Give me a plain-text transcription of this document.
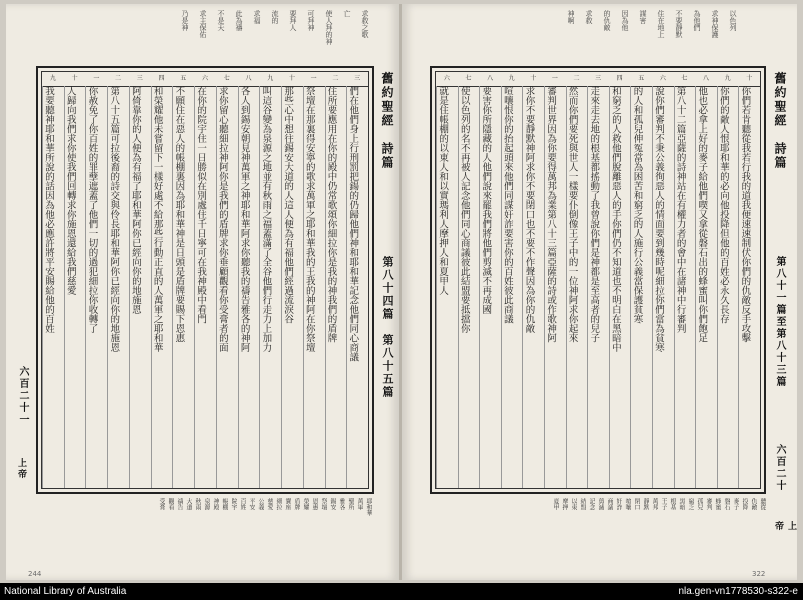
求救之歌
亡
使人拜的神
可拜神
要拜人
流的
求福
此為禱
不是天
求主保佑
乃是神
六百二十一
上帝
三
二
一
十
九
八
七
六
五
四
三
二
一
十
九
們在他們身上行刑罰把鍚的仍歸他們神和耶和華記念他們同心商議
住所要應用在你的殿中仍常歌頌你細拉你是我的神我們的盾牌
祭壇在那裏得安寧的歌求萬軍之耶和華我的王我的神阿在你祭壇
那些心中想往錫安大道的人這人便為有福他們經過流淚谷
叫這谷變為泉源之地並有秋雨之福蓋滿了全谷他們行走力上加力
各人到錫安朝見神萬軍之神耶和華阿求你聽我的禱告雅各的神阿
求你留心聽細拉神阿你是我們的盾牌求你垂顧觀看你受膏者的面
在你的院宇住一日勝似在別處住千日寧可在我神殿中看門
不願住在惡人的帳棚裏因為耶和華神是日頭是盾牌要賜下恩惠
和榮耀他未嘗留下一樣好處不給那些行動正直的人萬軍之耶和華
阿倚靠你的人便為有福了耶和華阿你已經向你的地施恩
第八十五篇可拉後裔的詩交與伶長耶和華阿你已經向你的地施恩
你赦免了你百姓的罪孽遮蓋了他們一切的過犯細拉你收轉了
人歸向我們求你使我們回轉求你施恩還給我們慈愛
我要聽神耶和華所說的話因為他必應許將平安賜給他的百姓	舊約聖經　詩篇
第八十四篇　第八十五篇
耶和華
萬軍
聖所
雅各
錫安
祭壇
恩惠
榮耀
盾牌
寶座
細拉
慈愛
公義
平安
百姓
院宇
帳棚
神殿
泉源
秋雨
大道
禱告
觀看
受膏
244
以色列
求神保護
為他們
不要靜默
住在地上
謀害
因為他
的仇敵
求救
神啊
十
九
八
七
六
五
四
三
二
一
十
九
八
七
六
你們若肯聽從我若行我的道我便速速制伏你們的仇敵反手攻擊
你們的敵人恨耶和華的必向他投降但他的百姓必永久長存
他也必拿上好的麥子給他們喫又拿從磐石出的蜂蜜叫你們飽足
第八十二篇亞薩的詩神站在有權力者的會中在諸神中行審判
說你們審判不秉公義徇惡人的情面要到幾時呢細拉你們當為貧寒
的人和孤兒伸冤當為困苦和窮乏的人施行公義當保護貧寒
和窮乏的人救他們脫離惡人的手你們仍不知道也不明白在黑暗中
走來走去地的根基都搖動了我曾說你們是神都是至高者的兒子
然而你們要死與世人一樣要仆倒像王子中的一位神阿求你起來
審判世界因為你要得萬邦為業第八十三篇亞薩的詩或作歌神阿
求你不要靜默神阿求你不要閉口也不要不作聲因為你的仇敵
喧嚷恨你的抬起頭來他們同謀奸詐要害你的百姓彼此商議
要害你所隱藏的人他們說來罷我們將他們剪滅不再成國
使以色列的名不再被人記念他們同心商議彼此結盟要抵擋你
就是住帳棚的以東人和以實瑪利人摩押人和夏甲人	舊約聖經　詩篇
第八十一篇至第八十三篇
六百二十
上帝
聽從
仇敵
投降
麥子
磐石
蜂蜜
審判
孤兒
窮乏
黑暗
根基
王子
萬邦
靜默
閉口
喧嚷
奸詐
商議
剪滅
記念
結盟
以東
摩押
夏甲
322
National Library of Australia	nla.gen-vn1778530-s322-e
